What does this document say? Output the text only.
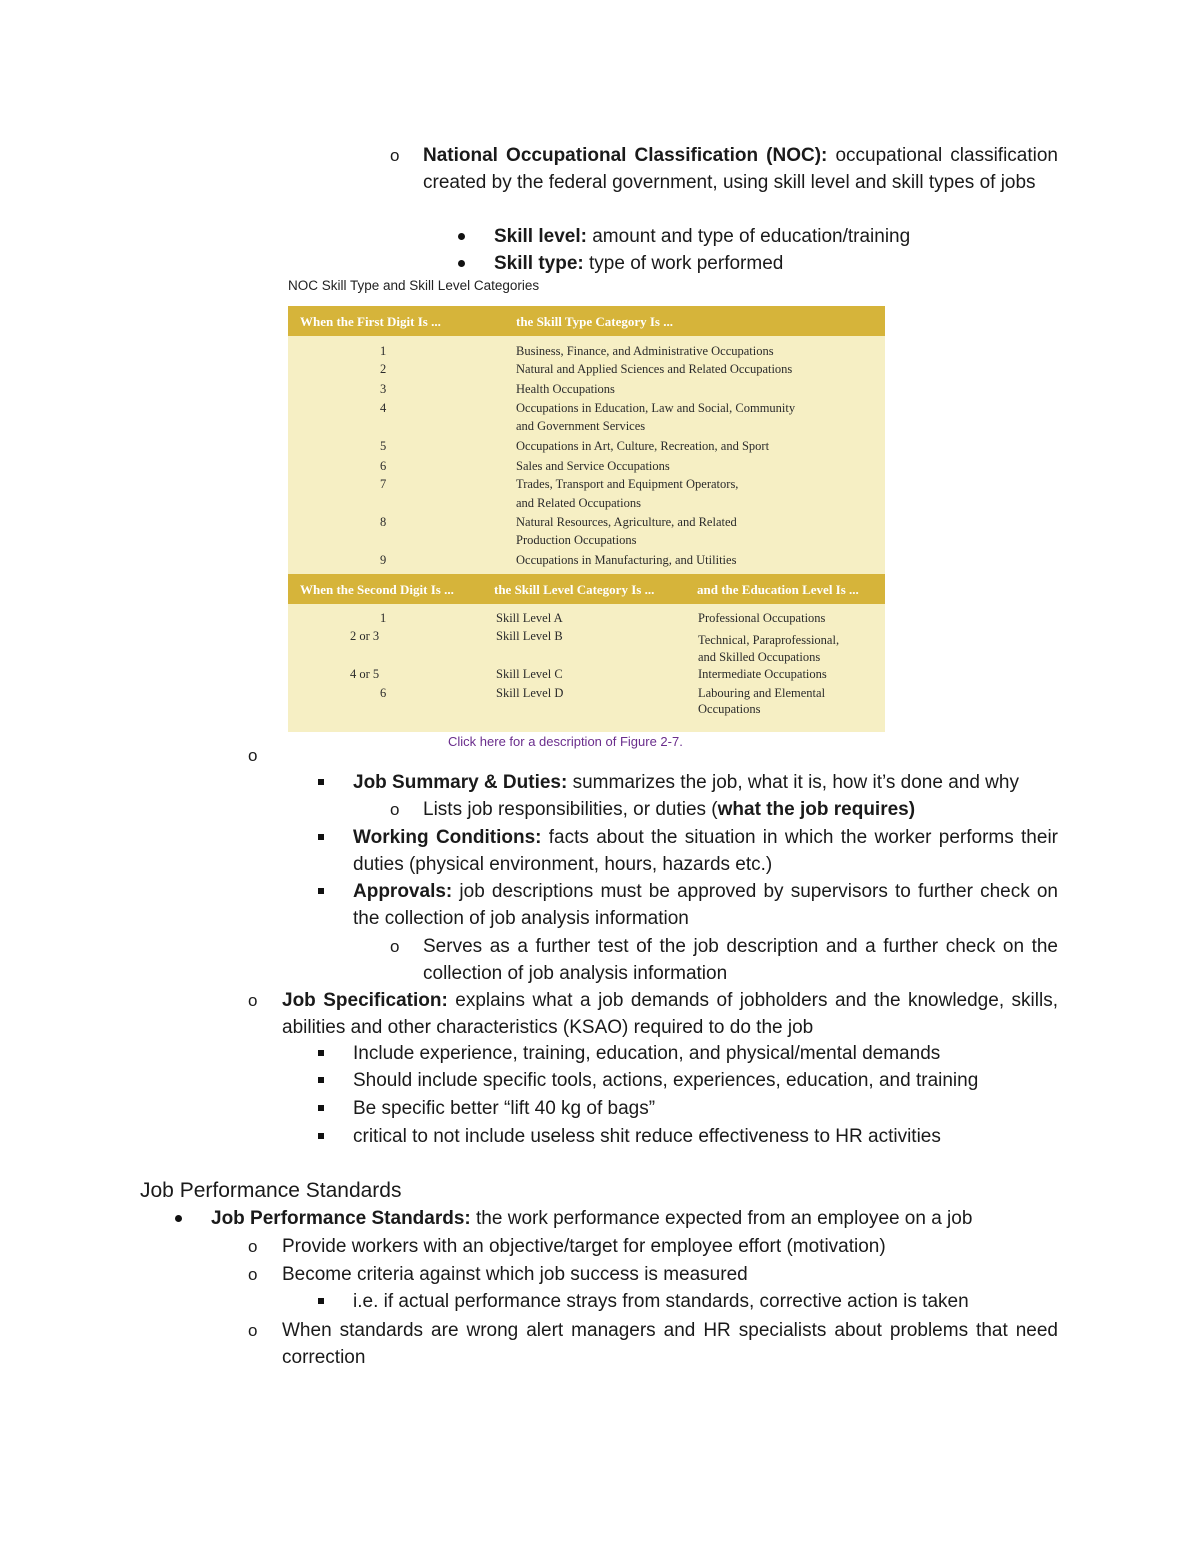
o National Occupational Classification (NOC): occupational classification created by the federal government, using skill level and skill types of jobs
Skill level: amount and type of education/training
Skill type: type of work performed
NOC Skill Type and Skill Level Categories
When the First Digit Is ...	the Skill Type Category Is ...
1	Business, Finance, and Administrative Occupations
2	Natural and Applied Sciences and Related Occupations
3	Health Occupations
4	Occupations in Education, Law and Social, Community
and Government Services
5	Occupations in Art, Culture, Recreation, and Sport
6	Sales and Service Occupations
7	Trades, Transport and Equipment Operators,
and Related Occupations
8	Natural Resources, Agriculture, and Related
Production Occupations
9	Occupations in Manufacturing, and Utilities
When the Second Digit Is ...	the Skill Level Category Is ...	and the Education Level Is ...
1	Skill Level A	Professional Occupations
2 or 3	Skill Level B	Technical, Paraprofessional,
and Skilled Occupations
4 or 5	Skill Level C	Intermediate Occupations
6	Skill Level D	Labouring and Elemental
Occupations
Click here for a description of Figure 2-7.
o
Job Summary & Duties: summarizes the job, what it is, how it’s done and why
o Lists job responsibilities, or duties (what the job requires)
Working Conditions: facts about the situation in which the worker performs their duties (physical environment, hours, hazards etc.)
Approvals: job descriptions must be approved by supervisors to further check on the collection of job analysis information
o Serves as a further test of the job description and a further check on the collection of job analysis information
o Job Specification: explains what a job demands of jobholders and the knowledge, skills, abilities and other characteristics (KSAO) required to do the job
Include experience, training, education, and physical/mental demands
Should include specific tools, actions, experiences, education, and training
Be specific better “lift 40 kg of bags”
critical to not include useless shit reduce effectiveness to HR activities
Job Performance Standards
Job Performance Standards: the work performance expected from an employee on a job
o Provide workers with an objective/target for employee effort (motivation)
o Become criteria against which job success is measured
i.e. if actual performance strays from standards, corrective action is taken
o When standards are wrong alert managers and HR specialists about problems that need correction
